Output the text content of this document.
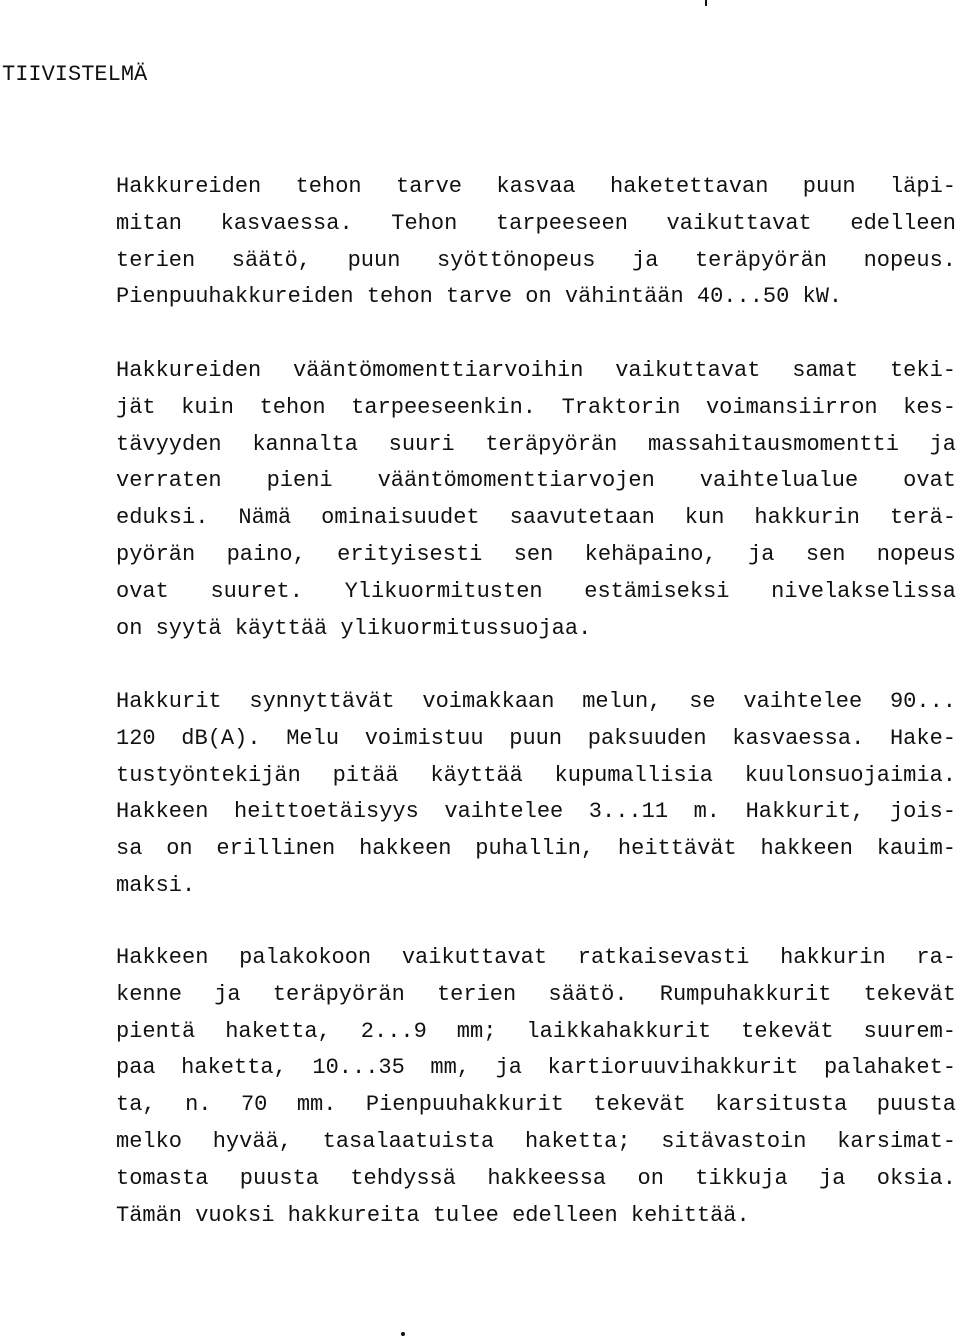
TIIVISTELMÄ
Hakkureiden tehon tarve kasvaa haketettavan puun läpi-
mitan kasvaessa. Tehon tarpeeseen vaikuttavat edelleen
terien säätö, puun syöttönopeus ja teräpyörän nopeus.
Pienpuuhakkureiden tehon tarve on vähintään 40...50 kW.
Hakkureiden vääntömomenttiarvoihin vaikuttavat samat teki-
jät kuin tehon tarpeeseenkin. Traktorin voimansiirron kes-
tävyyden kannalta suuri teräpyörän massahitausmomentti ja
verraten pieni vääntömomenttiarvojen vaihtelualue ovat
eduksi. Nämä ominaisuudet saavutetaan kun hakkurin terä-
pyörän paino, erityisesti sen kehäpaino, ja sen nopeus
ovat suuret. Ylikuormitusten estämiseksi nivelakselissa
on syytä käyttää ylikuormitussuojaa.
Hakkurit synnyttävät voimakkaan melun, se vaihtelee 90...
120 dB(A). Melu voimistuu puun paksuuden kasvaessa. Hake-
tustyöntekijän pitää käyttää kupumallisia kuulonsuojaimia.
Hakkeen heittoetäisyys vaihtelee 3...11 m. Hakkurit, jois-
sa on erillinen hakkeen puhallin, heittävät hakkeen kauim-
maksi.
Hakkeen palakokoon vaikuttavat ratkaisevasti hakkurin ra-
kenne ja teräpyörän terien säätö. Rumpuhakkurit tekevät
pientä haketta, 2...9 mm; laikkahakkurit tekevät suurem-
paa haketta, 10...35 mm, ja kartioruuvihakkurit palahaket-
ta, n. 70 mm. Pienpuuhakkurit tekevät karsitusta puusta
melko hyvää, tasalaatuista haketta; sitävastoin karsimat-
tomasta puusta tehdyssä hakkeessa on tikkuja ja oksia.
Tämän vuoksi hakkureita tulee edelleen kehittää.
